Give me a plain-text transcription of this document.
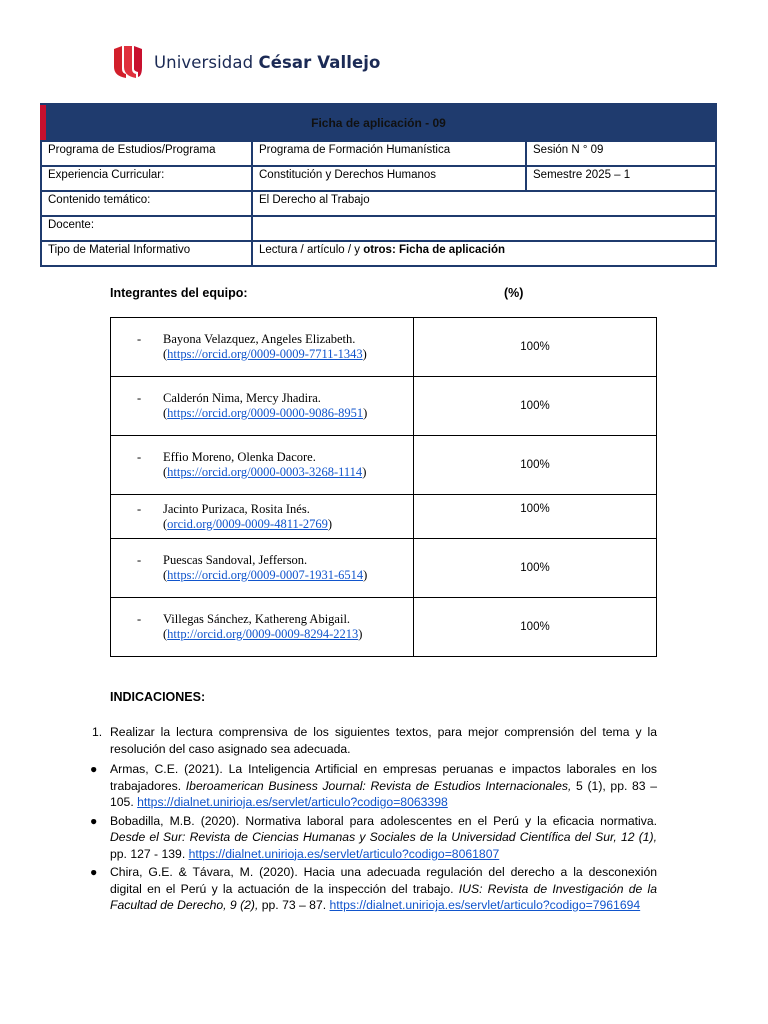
Universidad César Vallejo
Ficha de aplicación - 09
Programa de Estudios/Programa	Programa de Formación Humanística	Sesión N ° 09
Experiencia Curricular:	Constitución y Derechos Humanos	Semestre 2025 – 1
Contenido temático:	El Derecho al Trabajo
Docente:
Tipo de Material Informativo	Lectura / artículo / y otros: Ficha de aplicación
Integrantes del equipo:	(%)
- Bayona Velazquez, Angeles Elizabeth.
(https://orcid.org/0009-0009-7711-1343)	100%

- Calderón Nima, Mercy Jhadira.
(https://orcid.org/0009-0000-9086-8951)	100%

- Effio Moreno, Olenka Dacore.
(https://orcid.org/0000-0003-3268-1114)	100%

- Jacinto Purizaca, Rosita Inés.
(orcid.org/0009-0009-4811-2769)	100%

- Puescas Sandoval, Jefferson.
(https://orcid.org/0009-0007-1931-6514)	100%

- Villegas Sánchez, Kathereng Abigail.
(http://orcid.org/0009-0009-8294-2213)	100%
INDICACIONES:
1. Realizar la lectura comprensiva de los siguientes textos, para mejor comprensión del tema y la resolución del caso asignado sea adecuada.

● Armas, C.E. (2021). La Inteligencia Artificial en empresas peruanas e impactos laborales en los trabajadores. Iberoamerican Business Journal: Revista de Estudios Internacionales, 5 (1), pp. 83 – 105. https://dialnet.unirioja.es/servlet/articulo?codigo=8063398

● Bobadilla, M.B. (2020). Normativa laboral para adolescentes en el Perú y la eficacia normativa. Desde el Sur: Revista de Ciencias Humanas y Sociales de la Universidad Científica del Sur, 12 (1), pp. 127 - 139. https://dialnet.unirioja.es/servlet/articulo?codigo=8061807

● Chira, G.E. & Távara, M. (2020). Hacia una adecuada regulación del derecho a la desconexión digital en el Perú y la actuación de la inspección del trabajo. IUS: Revista de Investigación de la Facultad de Derecho, 9 (2), pp. 73 – 87. https://dialnet.unirioja.es/servlet/articulo?codigo=7961694
